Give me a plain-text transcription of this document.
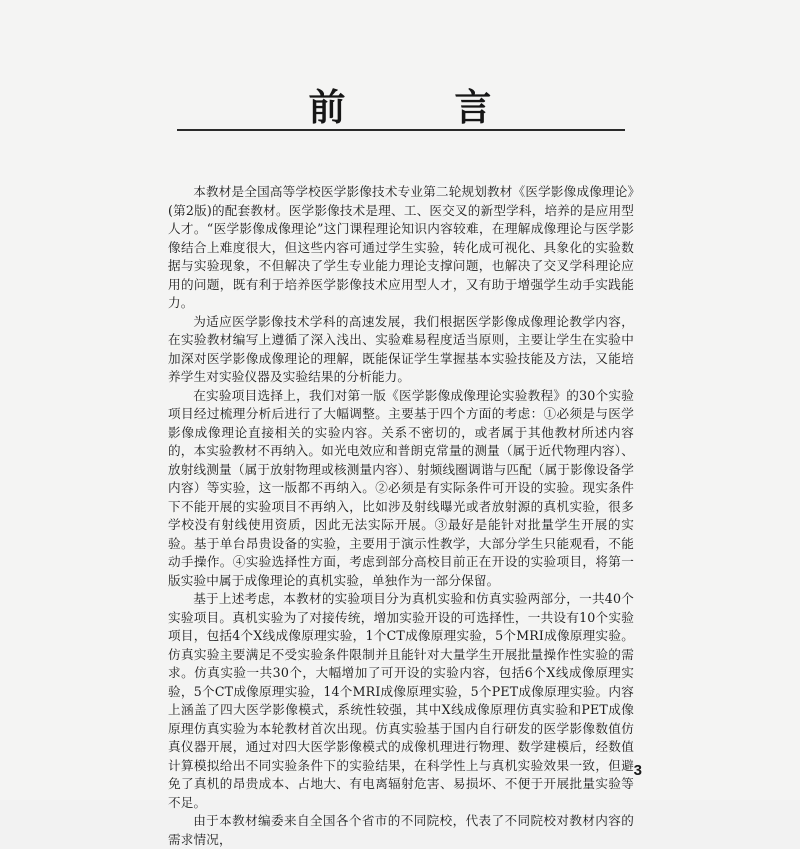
前 言

本教材是全国高等学校医学影像技术专业第二轮规划教材《医学影像成像理论》(第2版)的配套教材。医学影像技术是理、工、医交叉的新型学科，培养的是应用型人才。“医学影像成像理论”这门课程理论知识内容较难，在理解成像理论与医学影像结合上难度很大，但这些内容可通过学生实验，转化成可视化、具象化的实验数据与实验现象，不但解决了学生专业能力理论支撑问题，也解决了交叉学科理论应用的问题，既有利于培养医学影像技术应用型人才，又有助于增强学生动手实践能力。

为适应医学影像技术学科的高速发展，我们根据医学影像成像理论教学内容，在实验教材编写上遵循了深入浅出、实验难易程度适当原则，主要让学生在实验中加深对医学影像成像理论的理解，既能保证学生掌握基本实验技能及方法，又能培养学生对实验仪器及实验结果的分析能力。

在实验项目选择上，我们对第一版《医学影像成像理论实验教程》的30个实验项目经过梳理分析后进行了大幅调整。主要基于四个方面的考虑：①必须是与医学影像成像理论直接相关的实验内容。关系不密切的，或者属于其他教材所述内容的，本实验教材不再纳入。如光电效应和普朗克常量的测量（属于近代物理内容）、放射线测量（属于放射物理或核测量内容）、射频线圈调谐与匹配（属于影像设备学内容）等实验，这一版都不再纳入。②必须是有实际条件可开设的实验。现实条件下不能开展的实验项目不再纳入，比如涉及射线曝光或者放射源的真机实验，很多学校没有射线使用资质，因此无法实际开展。③最好是能针对批量学生开展的实验。基于单台昂贵设备的实验，主要用于演示性教学，大部分学生只能观看，不能动手操作。④实验选择性方面，考虑到部分高校目前正在开设的实验项目，将第一版实验中属于成像理论的真机实验，单独作为一部分保留。

基于上述考虑，本教材的实验项目分为真机实验和仿真实验两部分，一共40个实验项目。真机实验为了对接传统，增加实验开设的可选择性，一共设有10个实验项目，包括4个X线成像原理实验，1个CT成像原理实验，5个MRI成像原理实验。仿真实验主要满足不受实验条件限制并且能针对大量学生开展批量操作性实验的需求。仿真实验一共30个，大幅增加了可开设的实验内容，包括6个X线成像原理实验，5个CT成像原理实验，14个MRI成像原理实验，5个PET成像原理实验。内容上涵盖了四大医学影像模式，系统性较强，其中X线成像原理仿真实验和PET成像原理仿真实验为本轮教材首次出现。仿真实验基于国内自行研发的医学影像数值仿真仪器开展，通过对四大医学影像模式的成像机理进行物理、数学建模后，经数值计算模拟给出不同实验条件下的实验结果，在科学性上与真机实验效果一致，但避免了真机的昂贵成本、占地大、有电离辐射危害、易损坏、不便于开展批量实验等不足。

由于本教材编委来自全国各个省市的不同院校，代表了不同院校对教材内容的需求情况，

3
